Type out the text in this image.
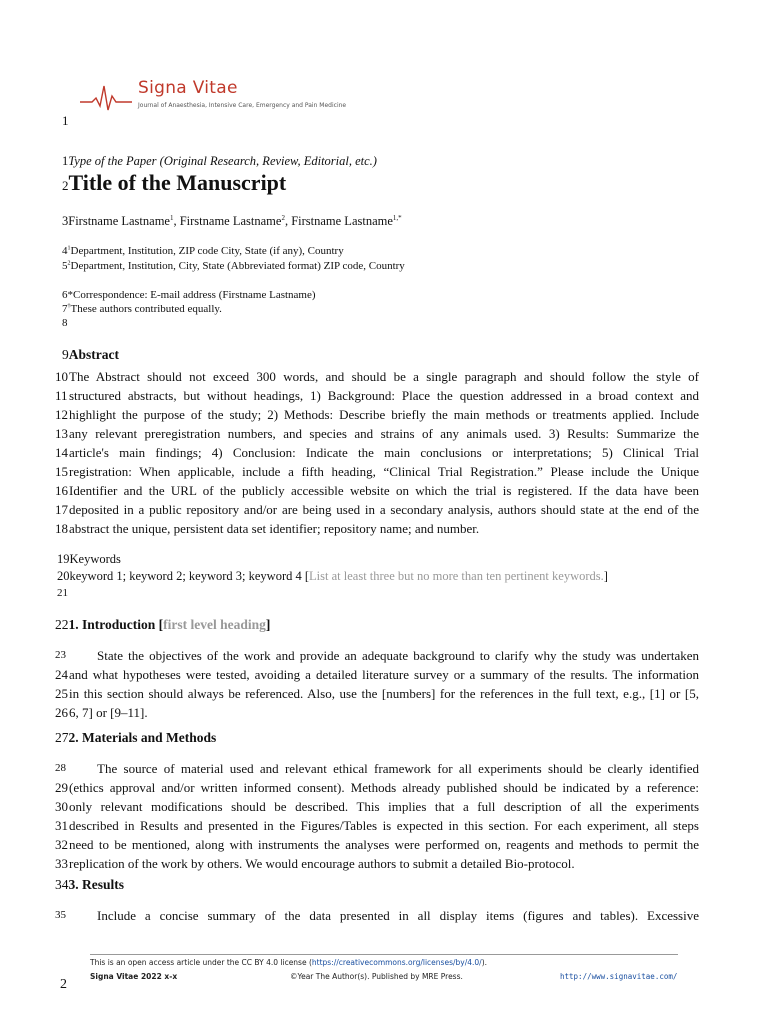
Signa Vitae
Journal of Anaesthesia, Intensive Care, Emergency and Pain Medicine
1
1Type of the Paper (Original Research, Review, Editorial, etc.)
2Title of the Manuscript
3Firstname Lastname$^1$, Firstname Lastname$^2$, Firstname Lastname$^{1,*}$
$4^1Department$, Institution, ZIP code City, State (if any), Country
$5^2Department$, Institution, City, State (Abbreviated format) ZIP code, Country
6*Correspondence: E-mail address (Firstname Lastname)
7†These authors contributed equally.
8
9Abstract
10 The Abstract should not exceed 300 words, and should be a single paragraph and should follow the style of
11 structured abstracts, but without headings, 1) Background: Place the question addressed in a broad context and
12 highlight the purpose of the study; 2) Methods: Describe briefly the main methods or treatments applied. Include
13 any relevant preregistration numbers, and species and strains of any animals used. 3) Results: Summarize the
14 article's main findings; 4) Conclusion: Indicate the main conclusions or interpretations; 5) Clinical Trial
15 registration: When applicable, include a fifth heading, “Clinical Trial Registration.” Please include the Unique
16 Identifier and the URL of the publicly accessible website on which the trial is registered. If the data have been
17 deposited in a public repository and/or are being used in a secondary analysis, authors should state at the end of the
18 abstract the unique, persistent data set identifier; repository name; and number.
19Keywords
20keyword 1; keyword 2; keyword 3; keyword 4 [List at least three but no more than ten pertinent keywords.]
21
221. Introduction [first level heading]
23	State the objectives of the work and provide an adequate background to clarify why the study was undertaken
24 and what hypotheses were tested, avoiding a detailed literature survey or a summary of the results. The information
25 in this section should always be referenced. Also, use the [numbers] for the references in the full text, e.g., [1] or [5,
26 6, 7] or [9–11].
272. Materials and Methods
28	The source of material used and relevant ethical framework for all experiments should be clearly identified
29 (ethics approval and/or written informed consent). Methods already published should be indicated by a reference:
30 only relevant modifications should be described. This implies that a full description of all the experiments
31 described in Results and presented in the Figures/Tables is expected in this section. For each experiment, all steps
32 need to be mentioned, along with instruments the analyses were performed on, reagents and methods to permit the
33 replication of the work by others. We would encourage authors to submit a detailed Bio-protocol.
343. Results
35	Include a concise summary of the data presented in all display items (figures and tables). Excessive
This is an open access article under the CC BY 4.0 license (https://creativecommons.org/licenses/by/4.0/).
Signa Vitae 2022 x-x	©Year The Author(s). Published by MRE Press.	http://www.signavitae.com/
2
